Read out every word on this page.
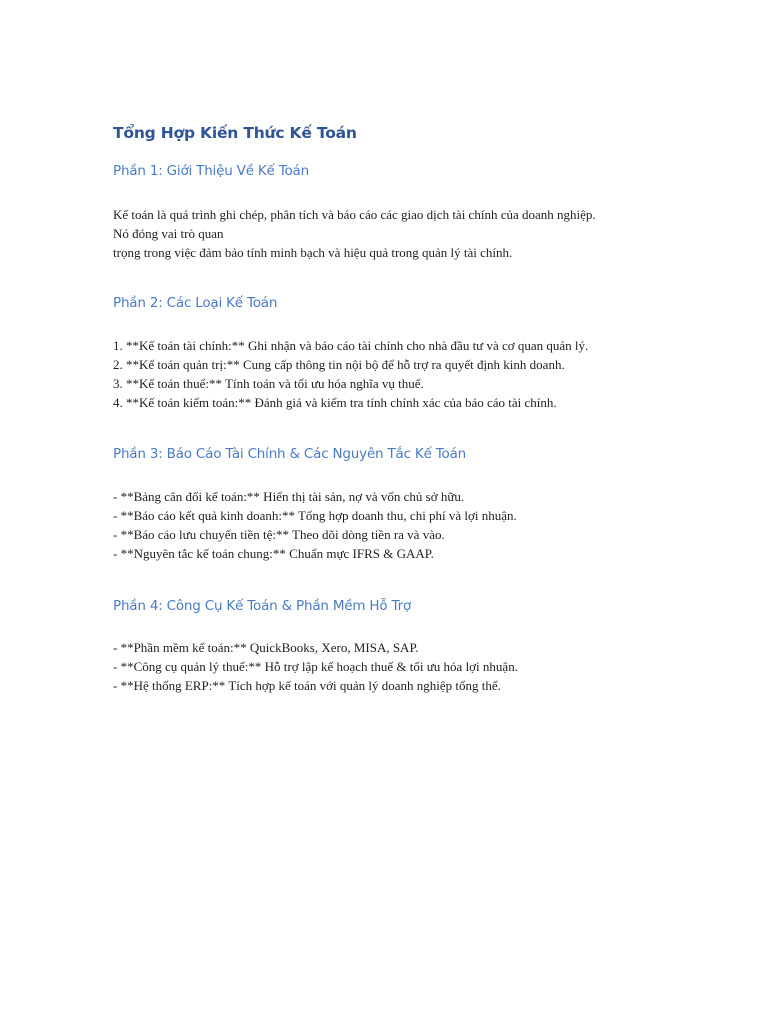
Tổng Hợp Kiến Thức Kế Toán
Phần 1: Giới Thiệu Về Kế Toán
Kế toán là quá trình ghi chép, phân tích và báo cáo các giao dịch tài chính của doanh nghiệp.
Nó đóng vai trò quan
trọng trong việc đảm bảo tính minh bạch và hiệu quả trong quản lý tài chính.
Phần 2: Các Loại Kế Toán
1. **Kế toán tài chính:** Ghi nhận và báo cáo tài chính cho nhà đầu tư và cơ quan quản lý.
2. **Kế toán quản trị:** Cung cấp thông tin nội bộ để hỗ trợ ra quyết định kinh doanh.
3. **Kế toán thuế:** Tính toán và tối ưu hóa nghĩa vụ thuế.
4. **Kế toán kiểm toán:** Đánh giá và kiểm tra tính chính xác của báo cáo tài chính.
Phần 3: Báo Cáo Tài Chính & Các Nguyên Tắc Kế Toán
- **Bảng cân đối kế toán:** Hiển thị tài sản, nợ và vốn chủ sở hữu.
- **Báo cáo kết quả kinh doanh:** Tổng hợp doanh thu, chi phí và lợi nhuận.
- **Báo cáo lưu chuyển tiền tệ:** Theo dõi dòng tiền ra và vào.
- **Nguyên tắc kế toán chung:** Chuẩn mực IFRS & GAAP.
Phần 4: Công Cụ Kế Toán & Phần Mềm Hỗ Trợ
- **Phần mềm kế toán:** QuickBooks, Xero, MISA, SAP.
- **Công cụ quản lý thuế:** Hỗ trợ lập kế hoạch thuế & tối ưu hóa lợi nhuận.
- **Hệ thống ERP:** Tích hợp kế toán với quản lý doanh nghiệp tổng thể.
